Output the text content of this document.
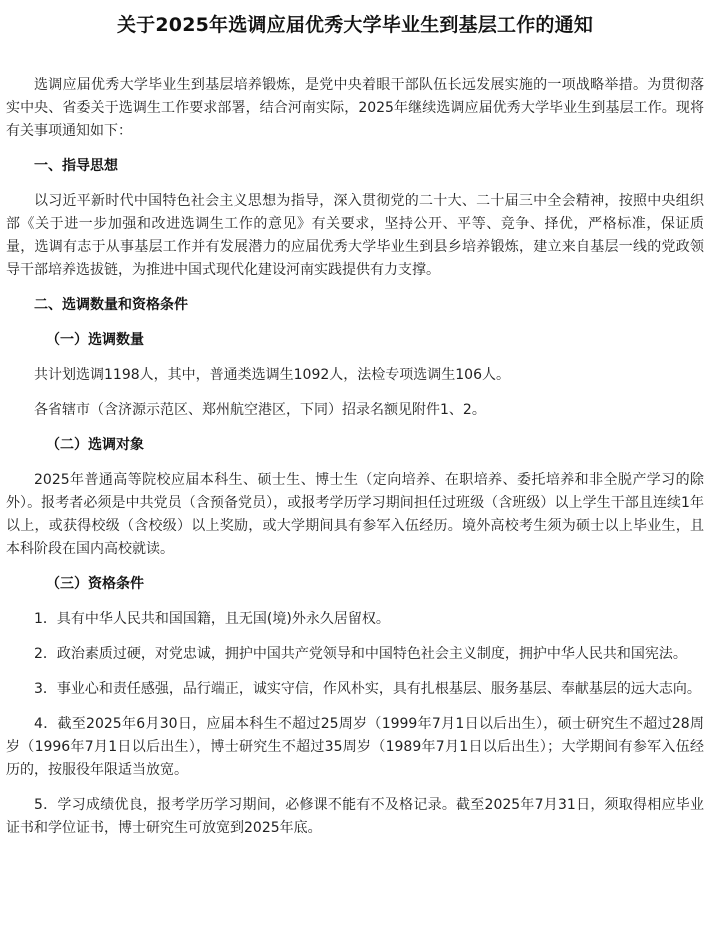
关于2025年选调应届优秀大学毕业生到基层工作的通知

选调应届优秀大学毕业生到基层培养锻炼，是党中央着眼干部队伍长远发展实施的一项战略举措。为贯彻落实中央、省委关于选调生工作要求部署，结合河南实际，2025年继续选调应届优秀大学毕业生到基层工作。现将有关事项通知如下：

一、指导思想

以习近平新时代中国特色社会主义思想为指导，深入贯彻党的二十大、二十届三中全会精神，按照中央组织部《关于进一步加强和改进选调生工作的意见》有关要求，坚持公开、平等、竞争、择优，严格标准，保证质量，选调有志于从事基层工作并有发展潜力的应届优秀大学毕业生到县乡培养锻炼，建立来自基层一线的党政领导干部培养选拔链，为推进中国式现代化建设河南实践提供有力支撑。

二、选调数量和资格条件
（一）选调数量

共计划选调1198人，其中，普通类选调生1092人，法检专项选调生106人。

各省辖市（含济源示范区、郑州航空港区，下同）招录名额见附件1、2。

（二）选调对象

2025年普通高等院校应届本科生、硕士生、博士生（定向培养、在职培养、委托培养和非全脱产学习的除外）。报考者必须是中共党员（含预备党员），或报考学历学习期间担任过班级（含班级）以上学生干部且连续1年以上，或获得校级（含校级）以上奖励，或大学期间具有参军入伍经历。境外高校考生须为硕士以上毕业生，且本科阶段在国内高校就读。

（三）资格条件

1．具有中华人民共和国国籍，且无国(境)外永久居留权。

2．政治素质过硬，对党忠诚，拥护中国共产党领导和中国特色社会主义制度，拥护中华人民共和国宪法。

3．事业心和责任感强，品行端正，诚实守信，作风朴实，具有扎根基层、服务基层、奉献基层的远大志向。

4．截至2025年6月30日，应届本科生不超过25周岁（1999年7月1日以后出生），硕士研究生不超过28周岁（1996年7月1日以后出生），博士研究生不超过35周岁（1989年7月1日以后出生）；大学期间有参军入伍经历的，按服役年限适当放宽。

5．学习成绩优良，报考学历学习期间，必修课不能有不及格记录。截至2025年7月31日，须取得相应毕业证书和学位证书，博士研究生可放宽到2025年底。
